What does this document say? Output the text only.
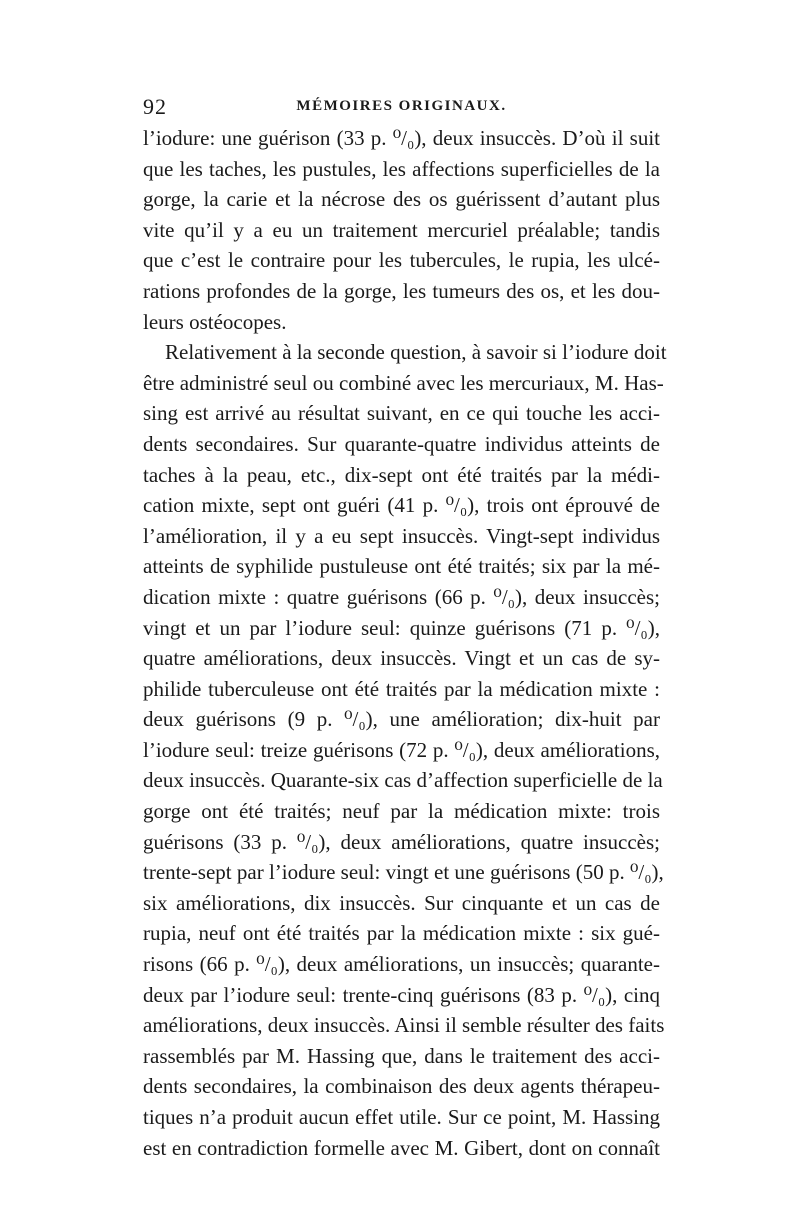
92	MÉMOIRES ORIGINAUX.
l’iodure: une guérison (33 p. ⁰/₀), deux insuccès. D’où il suit
que les taches, les pustules, les affections superficielles de la
gorge, la carie et la nécrose des os guérissent d’autant plus
vite qu’il y a eu un traitement mercuriel préalable; tandis
que c’est le contraire pour les tubercules, le rupia, les ulcé-
rations profondes de la gorge, les tumeurs des os, et les dou-
leurs ostéocopes.
Relativement à la seconde question, à savoir si l’iodure doit
être administré seul ou combiné avec les mercuriaux, M. Has-
sing est arrivé au résultat suivant, en ce qui touche les acci-
dents secondaires. Sur quarante-quatre individus atteints de
taches à la peau, etc., dix-sept ont été traités par la médi-
cation mixte, sept ont guéri (41 p. ⁰/₀), trois ont éprouvé de
l’amélioration, il y a eu sept insuccès. Vingt-sept individus
atteints de syphilide pustuleuse ont été traités; six par la mé-
dication mixte : quatre guérisons (66 p. ⁰/₀), deux insuccès;
vingt et un par l’iodure seul: quinze guérisons (71 p. ⁰/₀),
quatre améliorations, deux insuccès. Vingt et un cas de sy-
philide tuberculeuse ont été traités par la médication mixte :
deux guérisons (9 p. ⁰/₀), une amélioration; dix-huit par
l’iodure seul: treize guérisons (72 p. ⁰/₀), deux améliorations,
deux insuccès. Quarante-six cas d’affection superficielle de la
gorge ont été traités; neuf par la médication mixte: trois
guérisons (33 p. ⁰/₀), deux améliorations, quatre insuccès;
trente-sept par l’iodure seul: vingt et une guérisons (50 p. ⁰/₀),
six améliorations, dix insuccès. Sur cinquante et un cas de
rupia, neuf ont été traités par la médication mixte : six gué-
risons (66 p. ⁰/₀), deux améliorations, un insuccès; quarante-
deux par l’iodure seul: trente-cinq guérisons (83 p. ⁰/₀), cinq
améliorations, deux insuccès. Ainsi il semble résulter des faits
rassemblés par M. Hassing que, dans le traitement des acci-
dents secondaires, la combinaison des deux agents thérapeu-
tiques n’a produit aucun effet utile. Sur ce point, M. Hassing
est en contradiction formelle avec M. Gibert, dont on connaît
